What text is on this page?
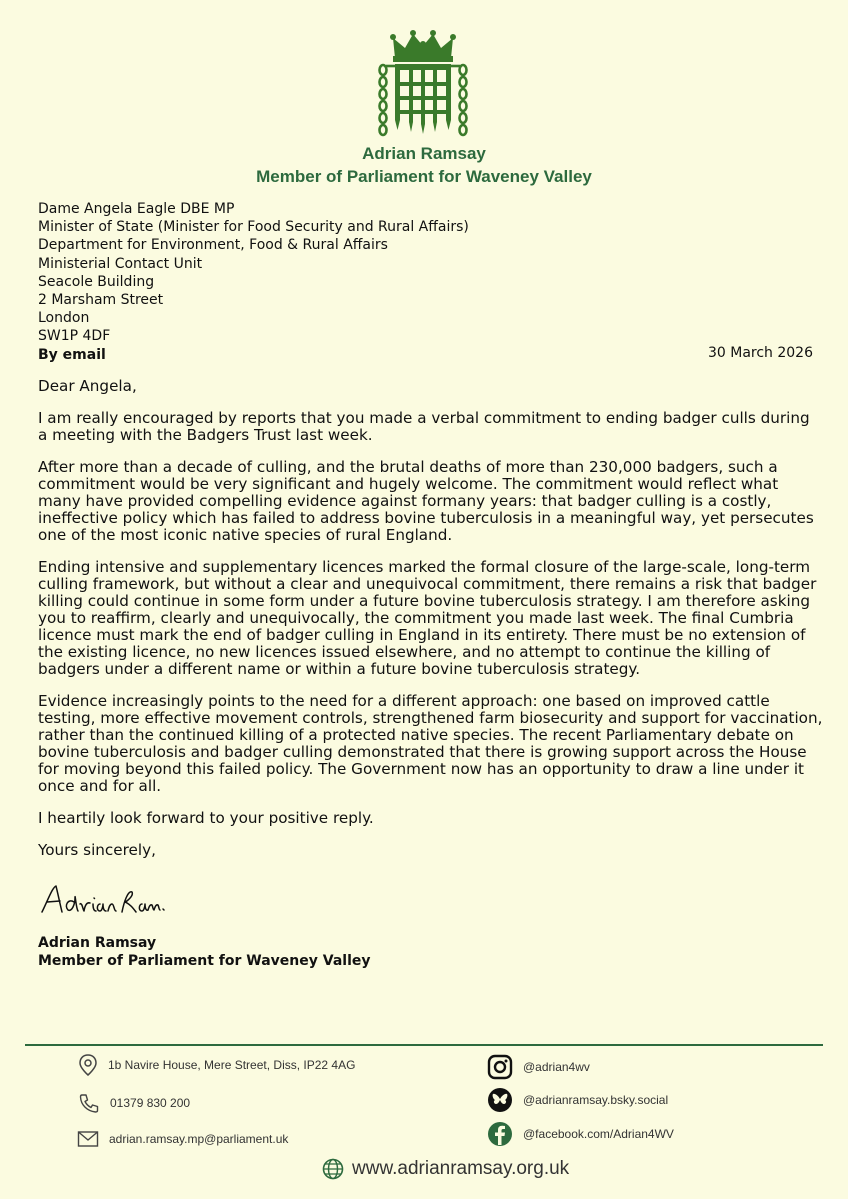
Adrian Ramsay
Member of Parliament for Waveney Valley
Dame Angela Eagle DBE MP
Minister of State (Minister for Food Security and Rural Affairs)
Department for Environment, Food & Rural Affairs
Ministerial Contact Unit
Seacole Building
2 Marsham Street
London
SW1P 4DF
By email	30 March 2026

Dear Angela,

I am really encouraged by reports that you made a verbal commitment to ending badger culls during a meeting with the Badgers Trust last week.

After more than a decade of culling, and the brutal deaths of more than 230,000 badgers, such a commitment would be very significant and hugely welcome. The commitment would reflect what many have provided compelling evidence against formany years: that badger culling is a costly, ineffective policy which has failed to address bovine tuberculosis in a meaningful way, yet persecutes one of the most iconic native species of rural England.

Ending intensive and supplementary licences marked the formal closure of the large-scale, long-term culling framework, but without a clear and unequivocal commitment, there remains a risk that badger killing could continue in some form under a future bovine tuberculosis strategy. I am therefore asking you to reaffirm, clearly and unequivocally, the commitment you made last week. The final Cumbria licence must mark the end of badger culling in England in its entirety. There must be no extension of the existing licence, no new licences issued elsewhere, and no attempt to continue the killing of badgers under a different name or within a future bovine tuberculosis strategy.

Evidence increasingly points to the need for a different approach: one based on improved cattle testing, more effective movement controls, strengthened farm biosecurity and support for vaccination, rather than the continued killing of a protected native species. The recent Parliamentary debate on bovine tuberculosis and badger culling demonstrated that there is growing support across the House for moving beyond this failed policy. The Government now has an opportunity to draw a line under it once and for all.

I heartily look forward to your positive reply.

Yours sincerely,

Adrian Ramsay
Member of Parliament for Waveney Valley
1b Navire House, Mere Street, Diss, IP22 4AG
01379 830 200
adrian.ramsay.mp@parliament.uk
@adrian4wv
@adrianramsay.bsky.social
@facebook.com/Adrian4WV
www.adrianramsay.org.uk
